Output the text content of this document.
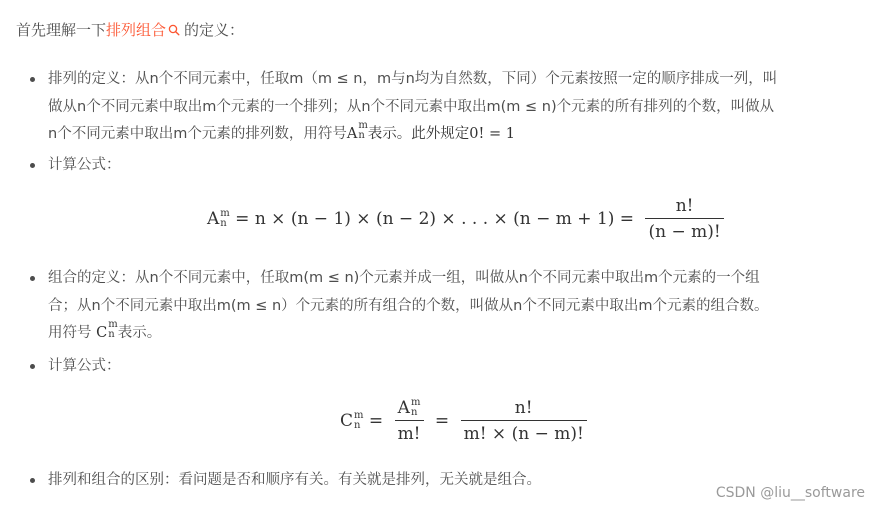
首先理解一下排列组合 的定义：
排列的定义：从n个不同元素中，任取m（m ≤ n，m与n均为自然数，下同）个元素按照一定的顺序排成一列，叫
做从n个不同元素中取出m个元素的一个排列；从n个不同元素中取出m(m ≤ n)个元素的所有排列的个数，叫做从
n个不同元素中取出m个元素的排列数，用符号 A
m
n 表示。此外规定0! = 1
计算公式：
组合的定义：从n个不同元素中，任取m(m ≤ n)个元素并成一组，叫做从n个不同元素中取出m个元素的一个组
合；从n个不同元素中取出m(m ≤ n）个元素的所有组合的个数，叫做从n个不同元素中取出m个元素的组合数。
用符号 C
m
n 表示。
计算公式：
排列和组合的区别：看问题是否和顺序有关。有关就是排列，无关就是组合。
A m
n = n × (n − 1) × (n − 2) × . . . × $(n - m + 1) = \frac{n!}{(n - m)!}$
C m
n = A m
n
m! = $\frac{n!}{m! \times (n - m)!}$
CSDN @liu__software
